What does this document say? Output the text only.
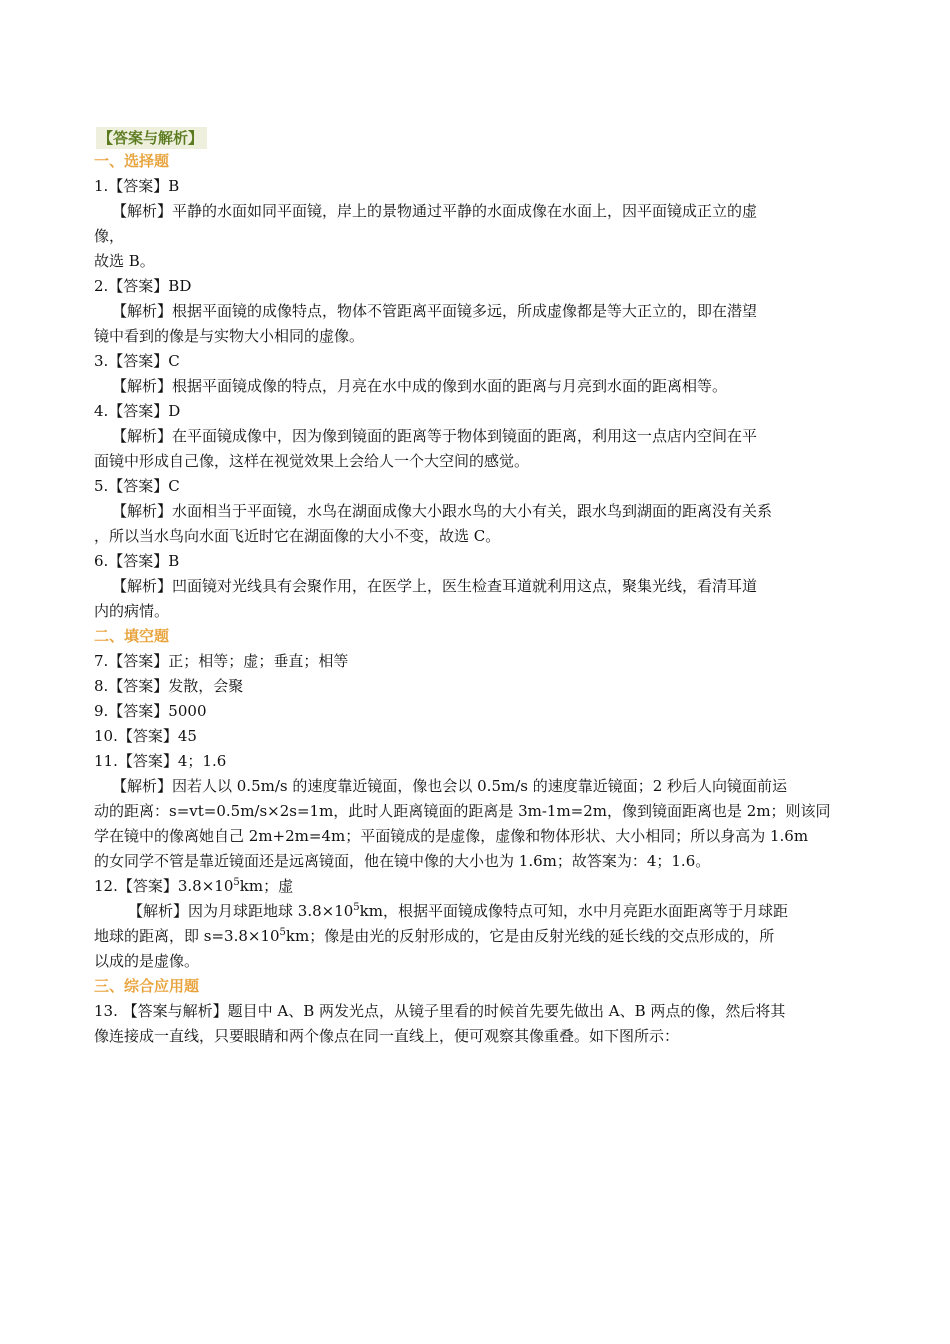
【答案与解析】
一、选择题
1.【答案】B
【解析】平静的水面如同平面镜，岸上的景物通过平静的水面成像在水面上，因平面镜成正立的虚
像，
故选 B。
2.【答案】BD
【解析】根据平面镜的成像特点，物体不管距离平面镜多远，所成虚像都是等大正立的，即在潜望
镜中看到的像是与实物大小相同的虚像。
3.【答案】C
【解析】根据平面镜成像的特点，月亮在水中成的像到水面的距离与月亮到水面的距离相等。
4.【答案】D
【解析】在平面镜成像中，因为像到镜面的距离等于物体到镜面的距离，利用这一点店内空间在平
面镜中形成自己像，这样在视觉效果上会给人一个大空间的感觉。
5.【答案】C
【解析】水面相当于平面镜，水鸟在湖面成像大小跟水鸟的大小有关，跟水鸟到湖面的距离没有关系
，所以当水鸟向水面飞近时它在湖面像的大小不变，故选 C。
6.【答案】B
【解析】凹面镜对光线具有会聚作用，在医学上，医生检查耳道就利用这点，聚集光线，看清耳道
内的病情。
二、填空题
7.【答案】正；相等；虚；垂直；相等
8.【答案】发散，会聚
9.【答案】5000
10.【答案】45
11.【答案】4；1.6
【解析】因若人以 0.5m/s 的速度靠近镜面，像也会以 0.5m/s 的速度靠近镜面；2 秒后人向镜面前运
动的距离：s=vt=0.5m/s×2s=1m，此时人距离镜面的距离是 3m-1m=2m，像到镜面距离也是 2m；则该同
学在镜中的像离她自己 2m+2m=4m；平面镜成的是虚像，虚像和物体形状、大小相同；所以身高为 1.6m
的女同学不管是靠近镜面还是远离镜面，他在镜中像的大小也为 1.6m；故答案为：4；1.6。
12.【答案】$3.8\times 10^5km$；虚
【解析】因为月球距地球 $3.8\times 10^5km$，根据平面镜成像特点可知，水中月亮距水面距离等于月球距
地球的距离，即 $s=3.8\times 10^5km$；像是由光的反射形成的，它是由反射光线的延长线的交点形成的，所
以成的是虚像。
三、综合应用题
13. 【答案与解析】题目中 A、B 两发光点，从镜子里看的时候首先要先做出 A、B 两点的像，然后将其
像连接成一直线，只要眼睛和两个像点在同一直线上，便可观察其像重叠。如下图所示：
